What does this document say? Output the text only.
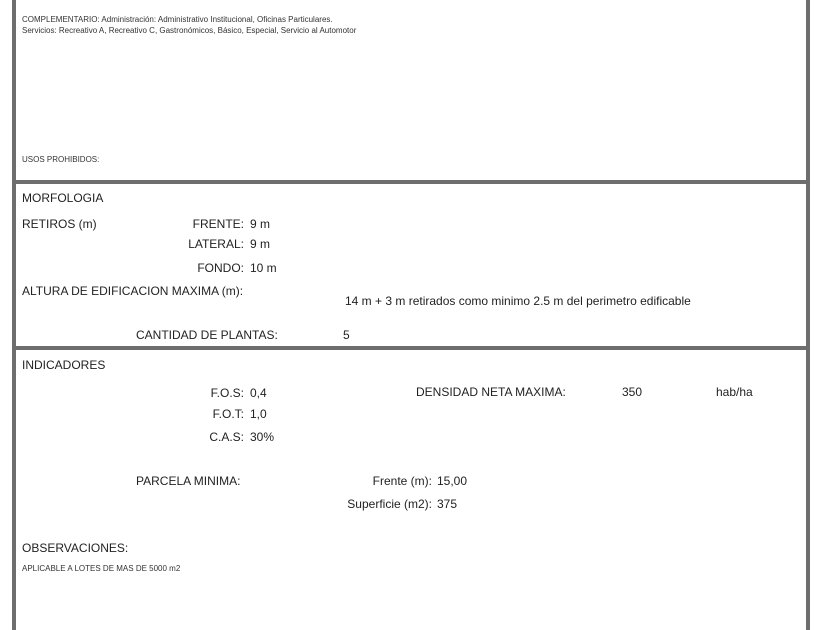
COMPLEMENTARIO: Administración: Administrativo Institucional, Oficinas Particulares.
Servicios: Recreativo A, Recreativo C, Gastronómicos, Básico, Especial, Servicio al Automotor
USOS PROHIBIDOS:
MORFOLOGIA
RETIROS (m)	FRENTE: 9 m
LATERAL: 9 m
FONDO: 10 m
ALTURA DE EDIFICACION MAXIMA (m):
14 m + 3 m retirados como minimo 2.5 m del perimetro edificable
CANTIDAD DE PLANTAS:	5
INDICADORES
F.O.S: 0,4
F.O.T: 1,0
C.A.S: 30%
DENSIDAD NETA MAXIMA:	350	hab/ha
PARCELA MINIMA:	Frente (m): 15,00
Superficie (m2): 375
OBSERVACIONES:
APLICABLE A LOTES DE MAS DE 5000 m2
